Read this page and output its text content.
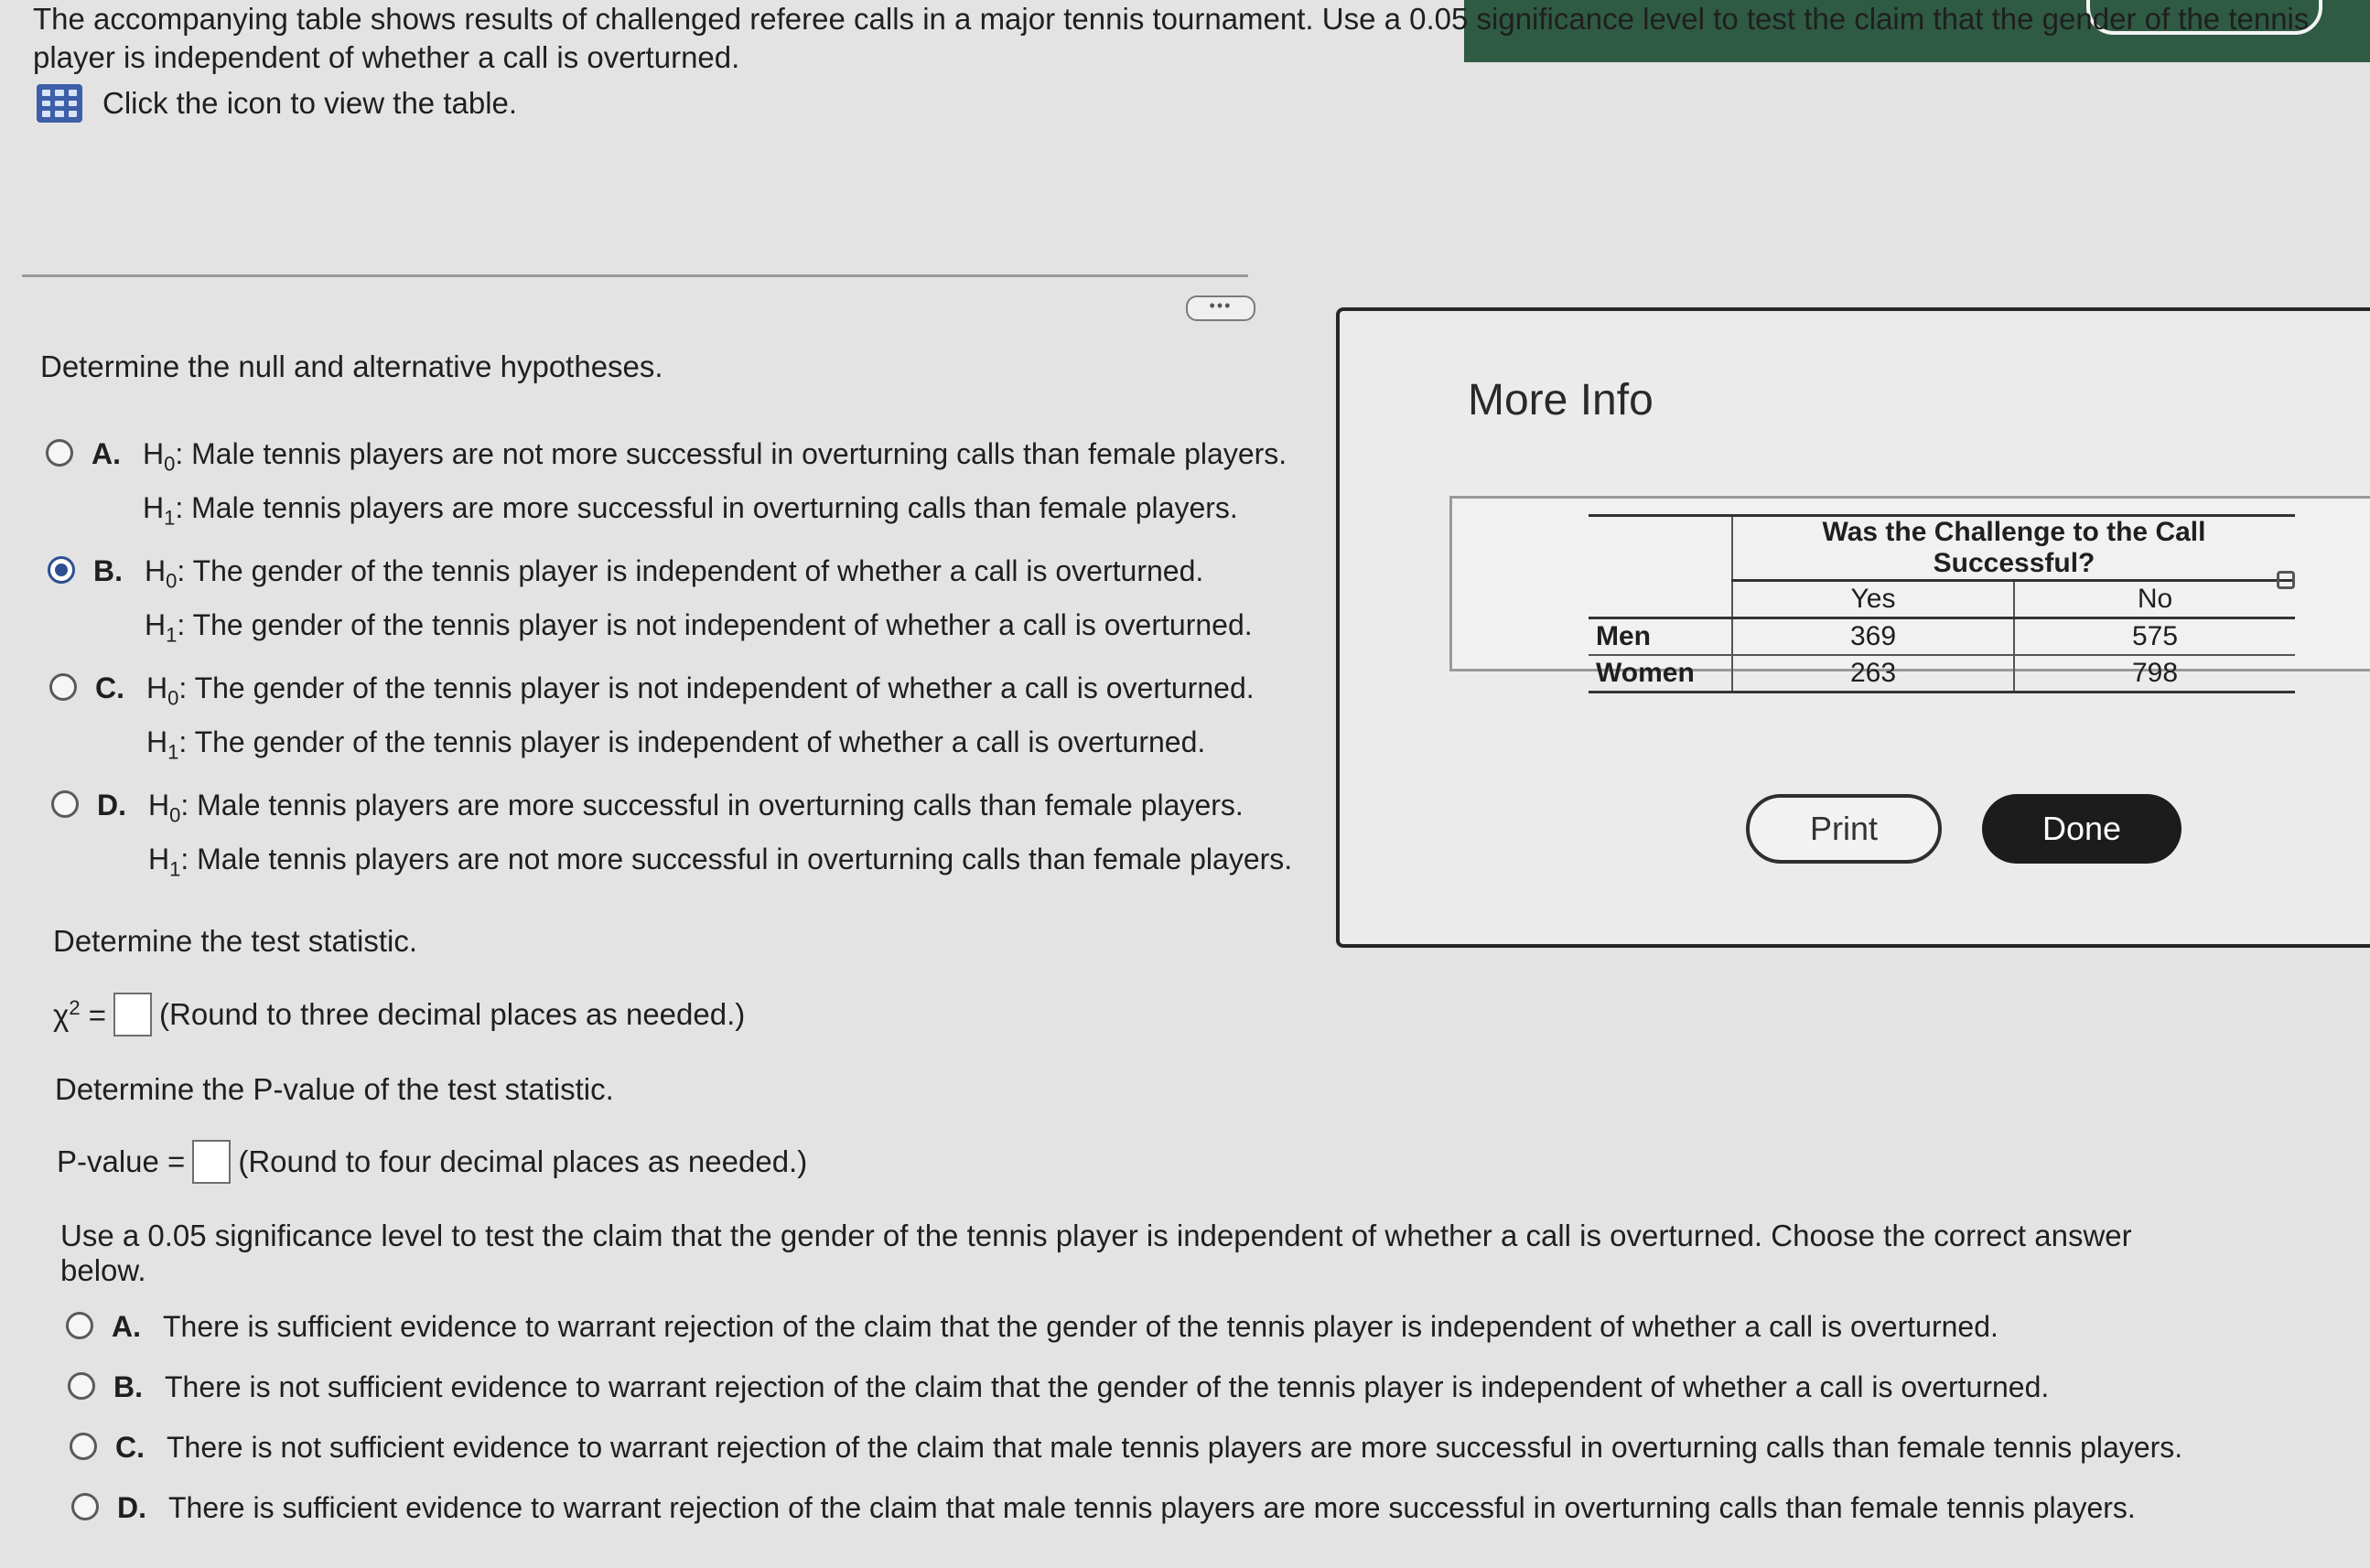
The accompanying table shows results of challenged referee calls in a major tennis tournament. Use a 0.05 significance level to test the claim that the gender of the tennis player is independent of whether a call is overturned.
Click the icon to view the table.
•••
Determine the null and alternative hypotheses.
A. $H_0$: Male tennis players are not more successful in overturning calls than female players.
$H_1$: Male tennis players are more successful in overturning calls than female players.
B. $H_0$: The gender of the tennis player is independent of whether a call is overturned.
$H_1$: The gender of the tennis player is not independent of whether a call is overturned.
C. $H_0$: The gender of the tennis player is not independent of whether a call is overturned.
$H_1$: The gender of the tennis player is independent of whether a call is overturned.
D. $H_0$: Male tennis players are more successful in overturning calls than female players.
$H_1$: Male tennis players are not more successful in overturning calls than female players.
Determine the test statistic.
$\chi^2$ = (Round to three decimal places as needed.)
Determine the P-value of the test statistic.
P-value = (Round to four decimal places as needed.)
Use a 0.05 significance level to test the claim that the gender of the tennis player is independent of whether a call is overturned. Choose the correct answer below.
A. There is sufficient evidence to warrant rejection of the claim that the gender of the tennis player is independent of whether a call is overturned.
B. There is not sufficient evidence to warrant rejection of the claim that the gender of the tennis player is independent of whether a call is overturned.
C. There is not sufficient evidence to warrant rejection of the claim that male tennis players are more successful in overturning calls than female tennis players.
D. There is sufficient evidence to warrant rejection of the claim that male tennis players are more successful in overturning calls than female tennis players.
More Info
	Was the Challenge to the Call Successful?	
	Yes	No
Men	369	575
Women	263	798
Print	Done
